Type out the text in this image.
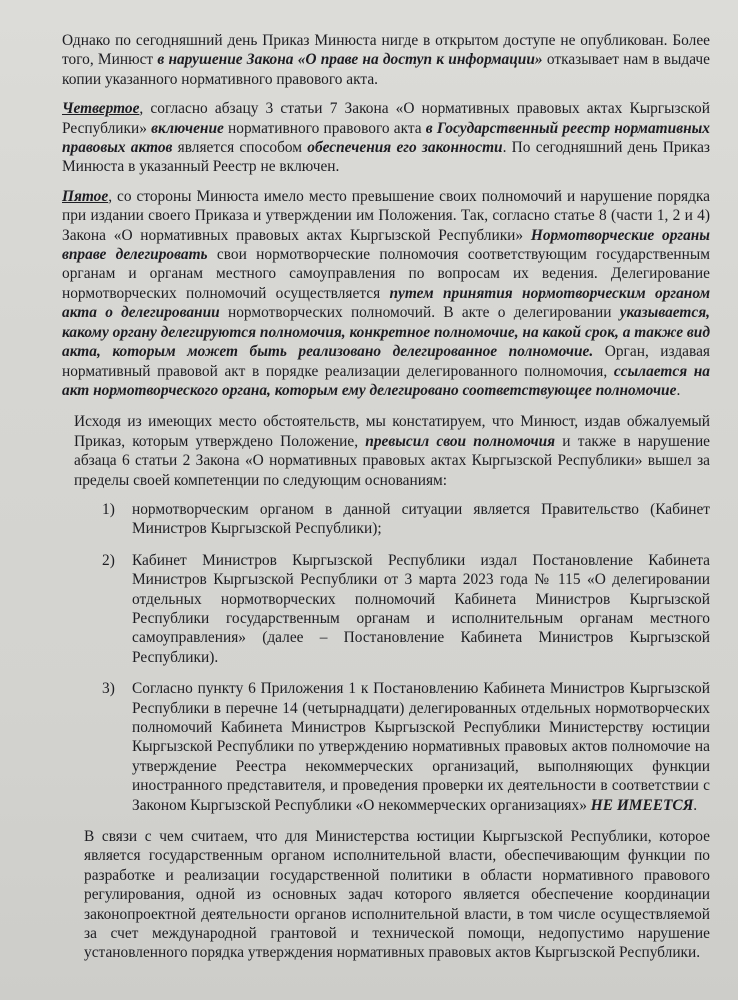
Однако по сегодняшний день Приказ Минюста нигде в открытом доступе не опубликован. Более того, Минюст в нарушение Закона «О праве на доступ к информации» отказывает нам в выдаче копии указанного нормативного правового акта.

Четвертое, согласно абзацу 3 статьи 7 Закона «О нормативных правовых актах Кыргызской Республики» включение нормативного правового акта в Государственный реестр нормативных правовых актов является способом обеспечения его законности. По сегодняшний день Приказ Минюста в указанный Реестр не включен.

Пятое, со стороны Минюста имело место превышение своих полномочий и нарушение порядка при издании своего Приказа и утверждении им Положения. Так, согласно статье 8 (части 1, 2 и 4) Закона «О нормативных правовых актах Кыргызской Республики» Нормотворческие органы вправе делегировать свои нормотворческие полномочия соответствующим государственным органам и органам местного самоуправления по вопросам их ведения. Делегирование нормотворческих полномочий осуществляется путем принятия нормотворческим органом акта о делегировании нормотворческих полномочий. В акте о делегировании указывается, какому органу делегируются полномочия, конкретное полномочие, на какой срок, а также вид акта, которым может быть реализовано делегированное полномочие. Орган, издавая нормативный правовой акт в порядке реализации делегированного полномочия, ссылается на акт нормотворческого органа, которым ему делегировано соответствующее полномочие.

Исходя из имеющих место обстоятельств, мы констатируем, что Минюст, издав обжалуемый Приказ, которым утверждено Положение, превысил свои полномочия и также в нарушение абзаца 6 статьи 2 Закона «О нормативных правовых актах Кыргызской Республики» вышел за пределы своей компетенции по следующим основаниям:

1) нормотворческим органом в данной ситуации является Правительство (Кабинет Министров Кыргызской Республики);
2) Кабинет Министров Кыргызской Республики издал Постановление Кабинета Министров Кыргызской Республики от 3 марта 2023 года № 115 «О делегировании отдельных нормотворческих полномочий Кабинета Министров Кыргызской Республики государственным органам и исполнительным органам местного самоуправления» (далее – Постановление Кабинета Министров Кыргызской Республики).
3) Согласно пункту 6 Приложения 1 к Постановлению Кабинета Министров Кыргызской Республики в перечне 14 (четырнадцати) делегированных отдельных нормотворческих полномочий Кабинета Министров Кыргызской Республики Министерству юстиции Кыргызской Республики по утверждению нормативных правовых актов полномочие на утверждение Реестра некоммерческих организаций, выполняющих функции иностранного представителя, и проведения проверки их деятельности в соответствии с Законом Кыргызской Республики «О некоммерческих организациях» НЕ ИМЕЕТСЯ.

В связи с чем считаем, что для Министерства юстиции Кыргызской Республики, которое является государственным органом исполнительной власти, обеспечивающим функции по разработке и реализации государственной политики в области нормативного правового регулирования, одной из основных задач которого является обеспечение координации законопроектной деятельности органов исполнительной власти, в том числе осуществляемой за счет международной грантовой и технической помощи, недопустимо нарушение установленного порядка утверждения нормативных правовых актов Кыргызской Республики.
